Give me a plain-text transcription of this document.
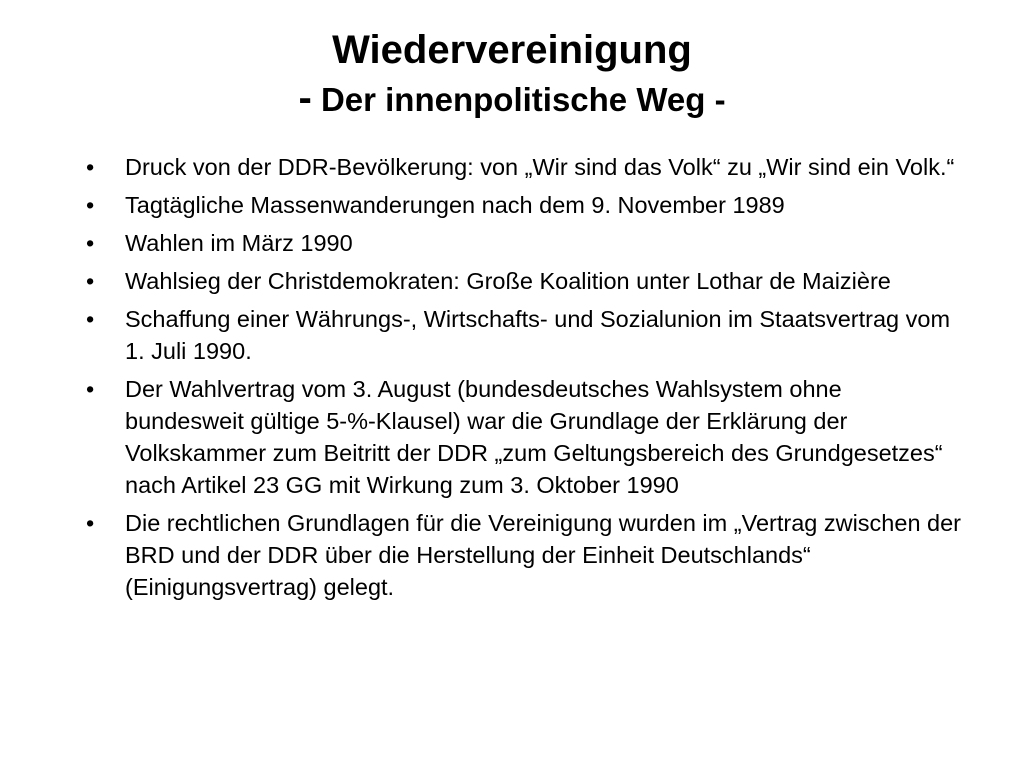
Wiedervereinigung
- Der innenpolitische Weg -
• Druck von der DDR-Bevölkerung: von „Wir sind das Volk“ zu „Wir sind ein Volk.“
• Tagtägliche Massenwanderungen nach dem 9. November 1989
• Wahlen im März 1990
• Wahlsieg der Christdemokraten: Große Koalition unter Lothar de Maizière
• Schaffung einer Währungs-, Wirtschafts- und Sozialunion im Staatsvertrag vom 1. Juli 1990.
• Der Wahlvertrag vom 3. August (bundesdeutsches Wahlsystem ohne bundesweit gültige 5-%-Klausel) war die Grundlage der Erklärung der Volkskammer zum Beitritt der DDR „zum Geltungsbereich des Grundgesetzes“ nach Artikel 23 GG mit Wirkung zum 3. Oktober 1990
• Die rechtlichen Grundlagen für die Vereinigung wurden im „Vertrag zwischen der BRD und der DDR über die Herstellung der Einheit Deutschlands“ (Einigungsvertrag) gelegt.
